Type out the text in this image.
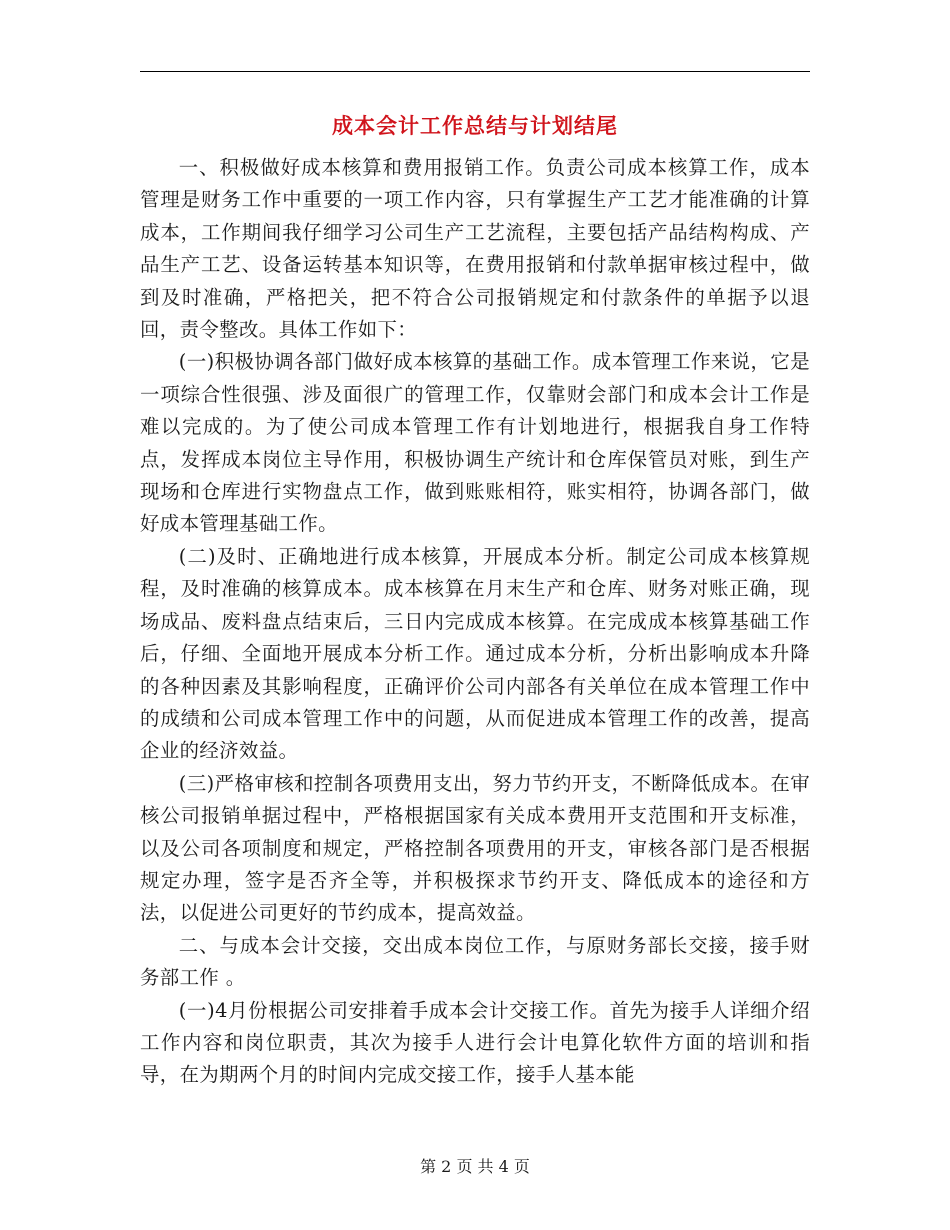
成本会计工作总结与计划结尾

一、积极做好成本核算和费用报销工作。负责公司成本核算工作，成本管理是财务工作中重要的一项工作内容，只有掌握生产工艺才能准确的计算成本，工作期间我仔细学习公司生产工艺流程，主要包括产品结构构成、产品生产工艺、设备运转基本知识等，在费用报销和付款单据审核过程中，做到及时准确，严格把关，把不符合公司报销规定和付款条件的单据予以退回，责令整改。具体工作如下：

(一)积极协调各部门做好成本核算的基础工作。成本管理工作来说，它是一项综合性很强、涉及面很广的管理工作，仅靠财会部门和成本会计工作是难以完成的。为了使公司成本管理工作有计划地进行，根据我自身工作特点，发挥成本岗位主导作用，积极协调生产统计和仓库保管员对账，到生产现场和仓库进行实物盘点工作，做到账账相符，账实相符，协调各部门，做好成本管理基础工作。

(二)及时、正确地进行成本核算，开展成本分析。制定公司成本核算规程，及时准确的核算成本。成本核算在月末生产和仓库、财务对账正确，现场成品、废料盘点结束后，三日内完成成本核算。在完成成本核算基础工作后，仔细、全面地开展成本分析工作。通过成本分析，分析出影响成本升降的各种因素及其影响程度，正确评价公司内部各有关单位在成本管理工作中的成绩和公司成本管理工作中的问题，从而促进成本管理工作的改善，提高企业的经济效益。

(三)严格审核和控制各项费用支出，努力节约开支，不断降低成本。在审核公司报销单据过程中，严格根据国家有关成本费用开支范围和开支标准，以及公司各项制度和规定，严格控制各项费用的开支，审核各部门是否根据规定办理，签字是否齐全等，并积极探求节约开支、降低成本的途径和方法，以促进公司更好的节约成本，提高效益。

二、与成本会计交接，交出成本岗位工作，与原财务部长交接，接手财务部工作 。

(一)4月份根据公司安排着手成本会计交接工作。首先为接手人详细介绍工作内容和岗位职责，其次为接手人进行会计电算化软件方面的培训和指导，在为期两个月的时间内完成交接工作，接手人基本能

第 2 页 共 4 页
